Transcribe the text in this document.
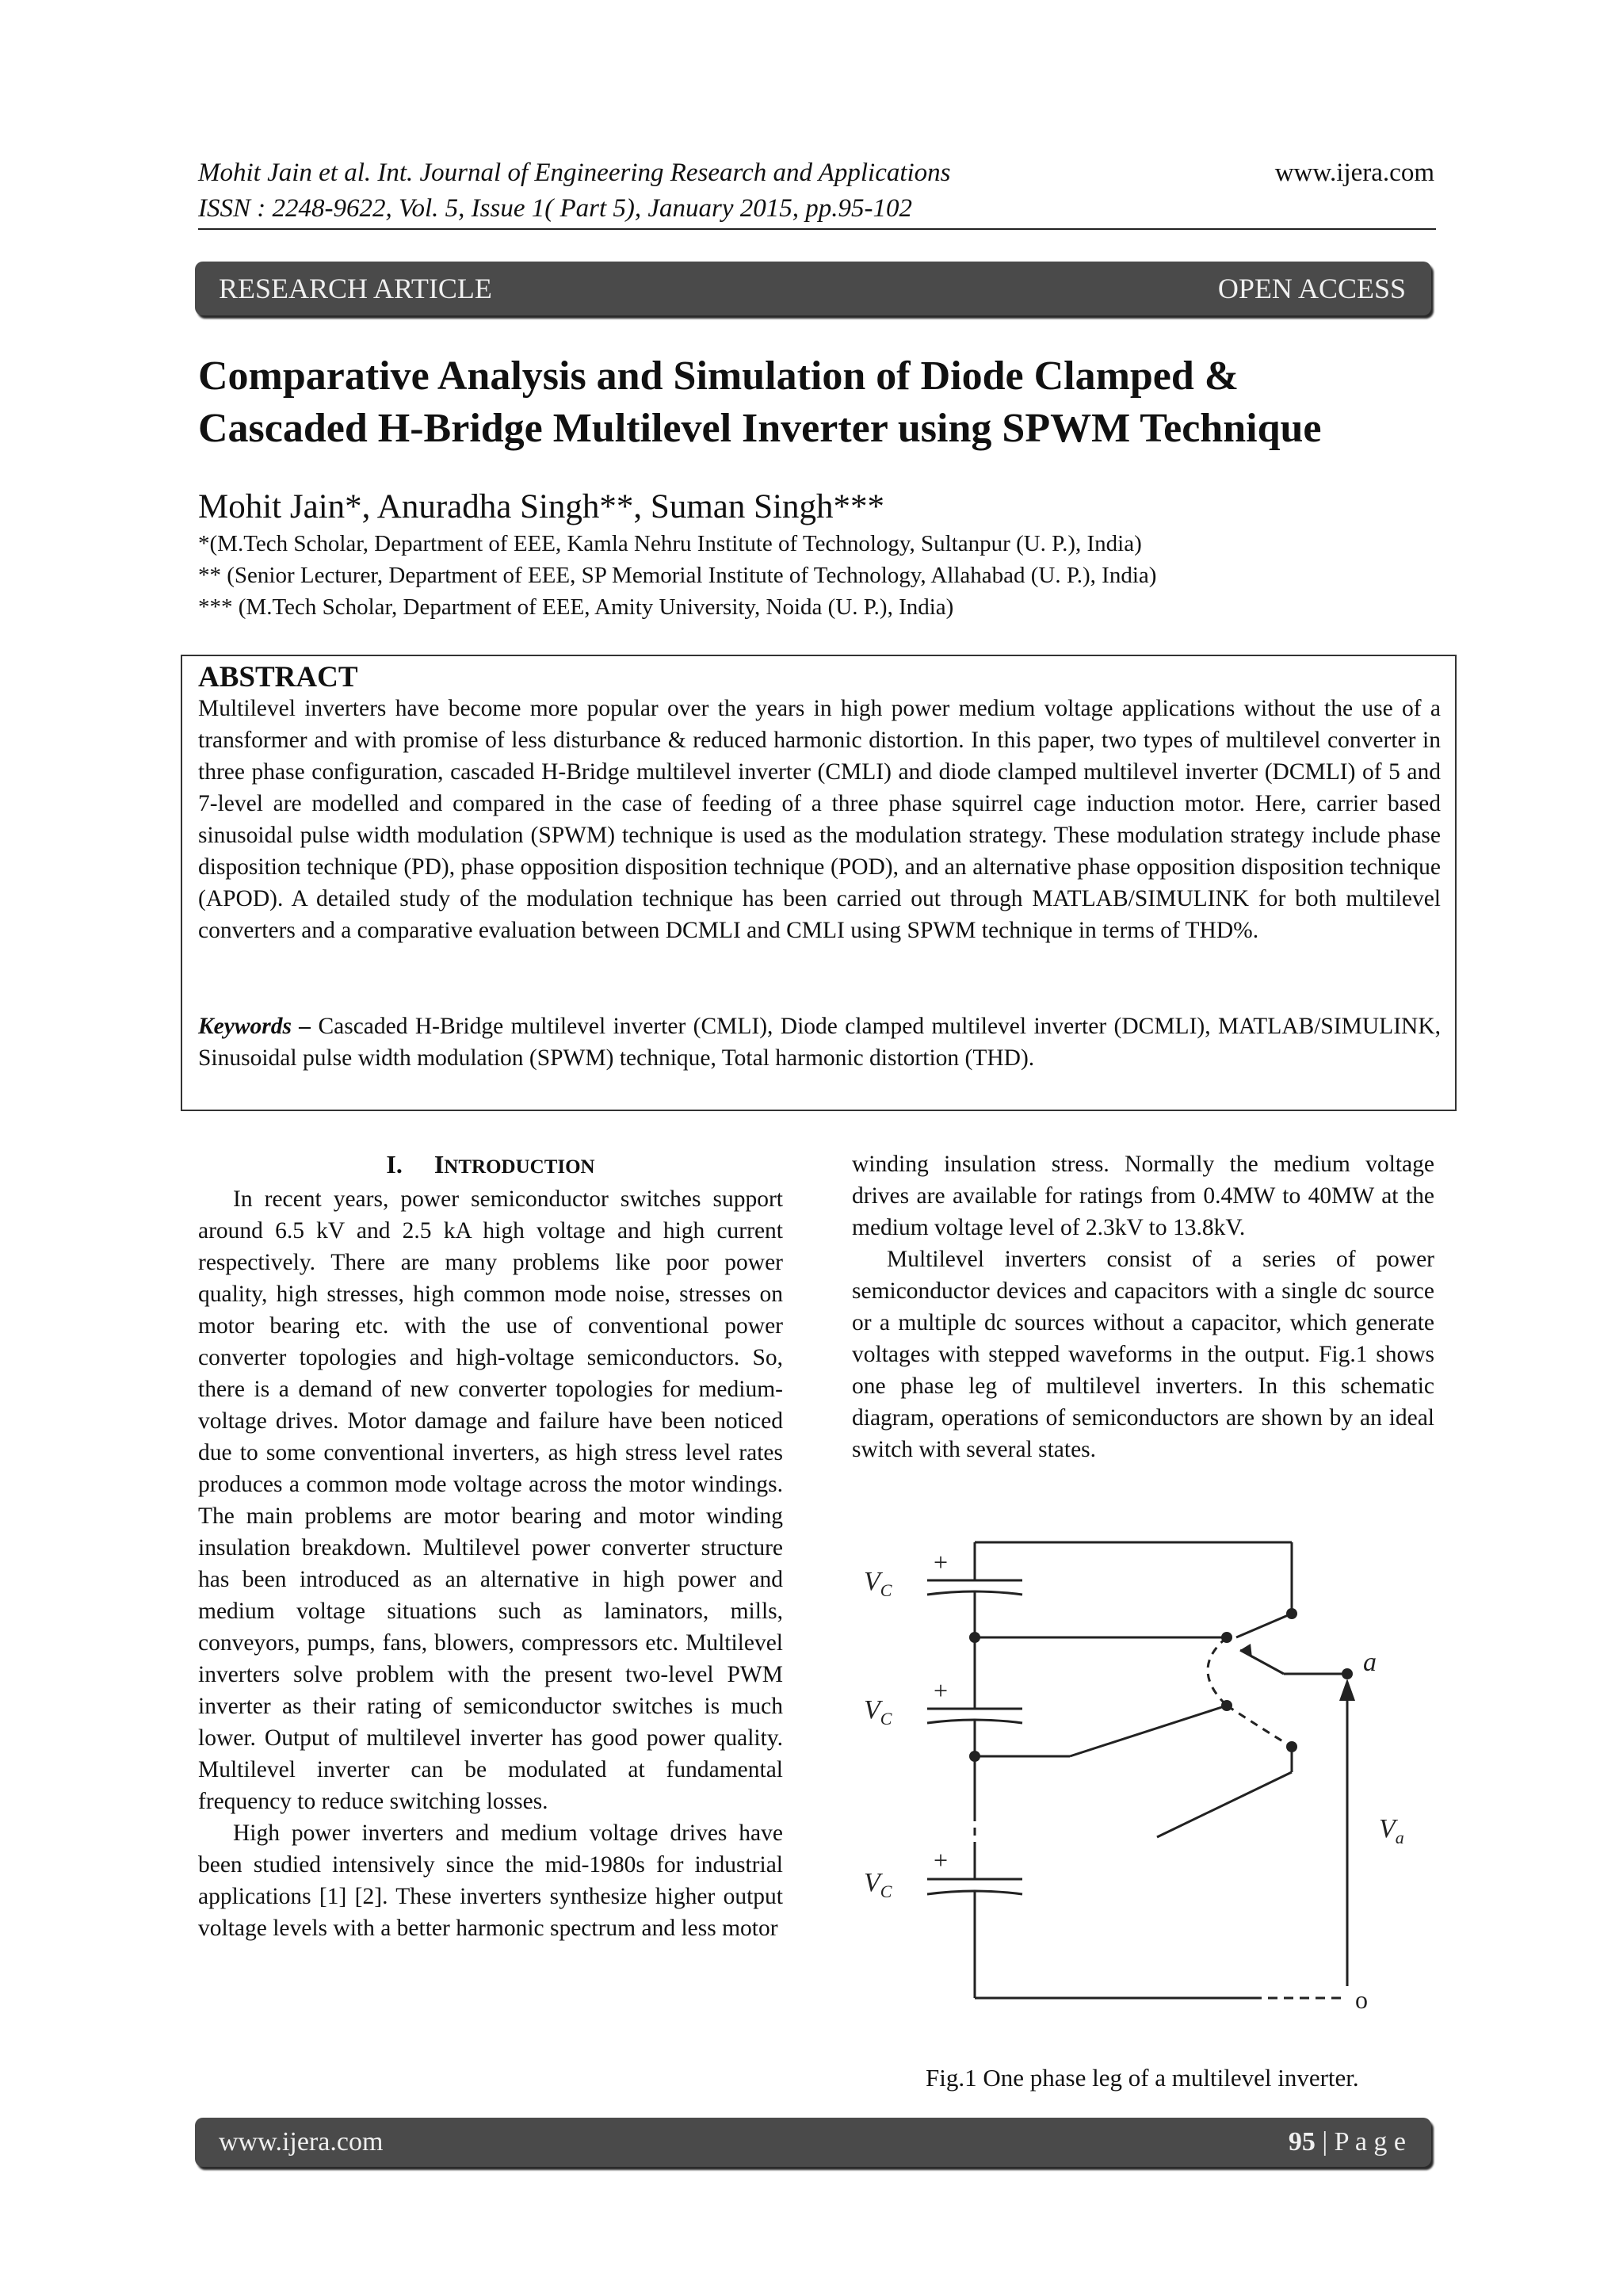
Mohit Jain et al. Int. Journal of Engineering Research and Applications
ISSN : 2248-9622, Vol. 5, Issue 1( Part 5), January 2015, pp.95-102
www.ijera.com
RESEARCH ARTICLE	OPEN ACCESS
Comparative Analysis and Simulation of Diode Clamped &
Cascaded H-Bridge Multilevel Inverter using SPWM Technique
Mohit Jain*, Anuradha Singh**, Suman Singh***
*(M.Tech Scholar, Department of EEE, Kamla Nehru Institute of Technology, Sultanpur (U. P.), India)
** (Senior Lecturer, Department of EEE, SP Memorial Institute of Technology, Allahabad (U. P.), India)
*** (M.Tech Scholar, Department of EEE, Amity University, Noida (U. P.), India)
ABSTRACT
Multilevel inverters have become more popular over the years in high power medium voltage applications without the use of a transformer and with promise of less disturbance & reduced harmonic distortion. In this paper, two types of multilevel converter in three phase configuration, cascaded H-Bridge multilevel inverter (CMLI) and diode clamped multilevel inverter (DCMLI) of 5 and 7-level are modelled and compared in the case of feeding of a three phase squirrel cage induction motor. Here, carrier based sinusoidal pulse width modulation (SPWM) technique is used as the modulation strategy. These modulation strategy include phase disposition technique (PD), phase opposition disposition technique (POD), and an alternative phase opposition disposition technique (APOD). A detailed study of the modulation technique has been carried out through MATLAB/SIMULINK for both multilevel converters and a comparative evaluation between DCMLI and CMLI using SPWM technique in terms of THD%.
Keywords – Cascaded H-Bridge multilevel inverter (CMLI), Diode clamped multilevel inverter (DCMLI), MATLAB/SIMULINK, Sinusoidal pulse width modulation (SPWM) technique, Total harmonic distortion (THD).
I. INTRODUCTION

In recent years, power semiconductor switches support around 6.5 kV and 2.5 kA high voltage and high current respectively. There are many problems like poor power quality, high stresses, high common mode noise, stresses on motor bearing etc. with the use of conventional power converter topologies and high-voltage semiconductors. So, there is a demand of new converter topologies for medium-voltage drives. Motor damage and failure have been noticed due to some conventional inverters, as high stress level rates produces a common mode voltage across the motor windings. The main problems are motor bearing and motor winding insulation breakdown. Multilevel power converter structure has been introduced as an alternative in high power and medium voltage situations such as laminators, mills, conveyors, pumps, fans, blowers, compressors etc. Multilevel inverters solve problem with the present two-level PWM inverter as their rating of semiconductor switches is much lower. Output of multilevel inverter has good power quality. Multilevel inverter can be modulated at fundamental frequency to reduce switching losses.

High power inverters and medium voltage drives have been studied intensively since the mid-1980s for industrial applications [1] [2]. These inverters synthesize higher output voltage levels with a better harmonic spectrum and less motor

winding insulation stress. Normally the medium voltage drives are available for ratings from 0.4MW to 40MW at the medium voltage level of 2.3kV to 13.8kV.

Multilevel inverters consist of a series of power semiconductor devices and capacitors with a single dc source or a multiple dc sources without a capacitor, which generate voltages with stepped waveforms in the output. Fig.1 shows one phase leg of multilevel inverters. In this schematic diagram, operations of semiconductors are shown by an ideal switch with several states.

$V_C$
$V_C$
$V_C$
a
$V_a$
o
+
+
+
Fig.1 One phase leg of a multilevel inverter.
www.ijera.com	95 | P a g e
